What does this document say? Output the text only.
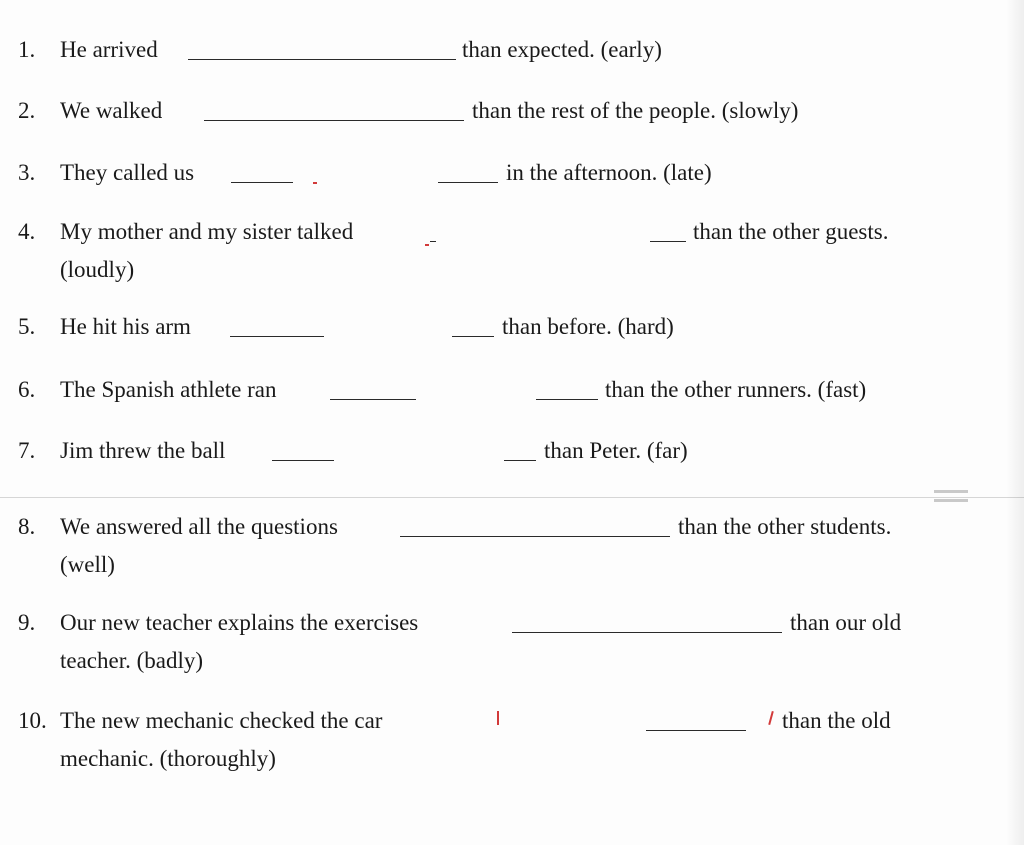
1.	He arrived	than expected. (early)
2.	We walked	than the rest of the people. (slowly)
3.	They called us	in the afternoon. (late)
4.	My mother and my sister talked	than the other guests.
(loudly)
5.	He hit his arm	than before. (hard)
6.	The Spanish athlete ran	than the other runners. (fast)
7.	Jim threw the ball	than Peter. (far)
8.	We answered all the questions	than the other students.
(well)
9.	Our new teacher explains the exercises	than our old
teacher. (badly)
10. The new mechanic checked the car	than the old
mechanic. (thoroughly)
